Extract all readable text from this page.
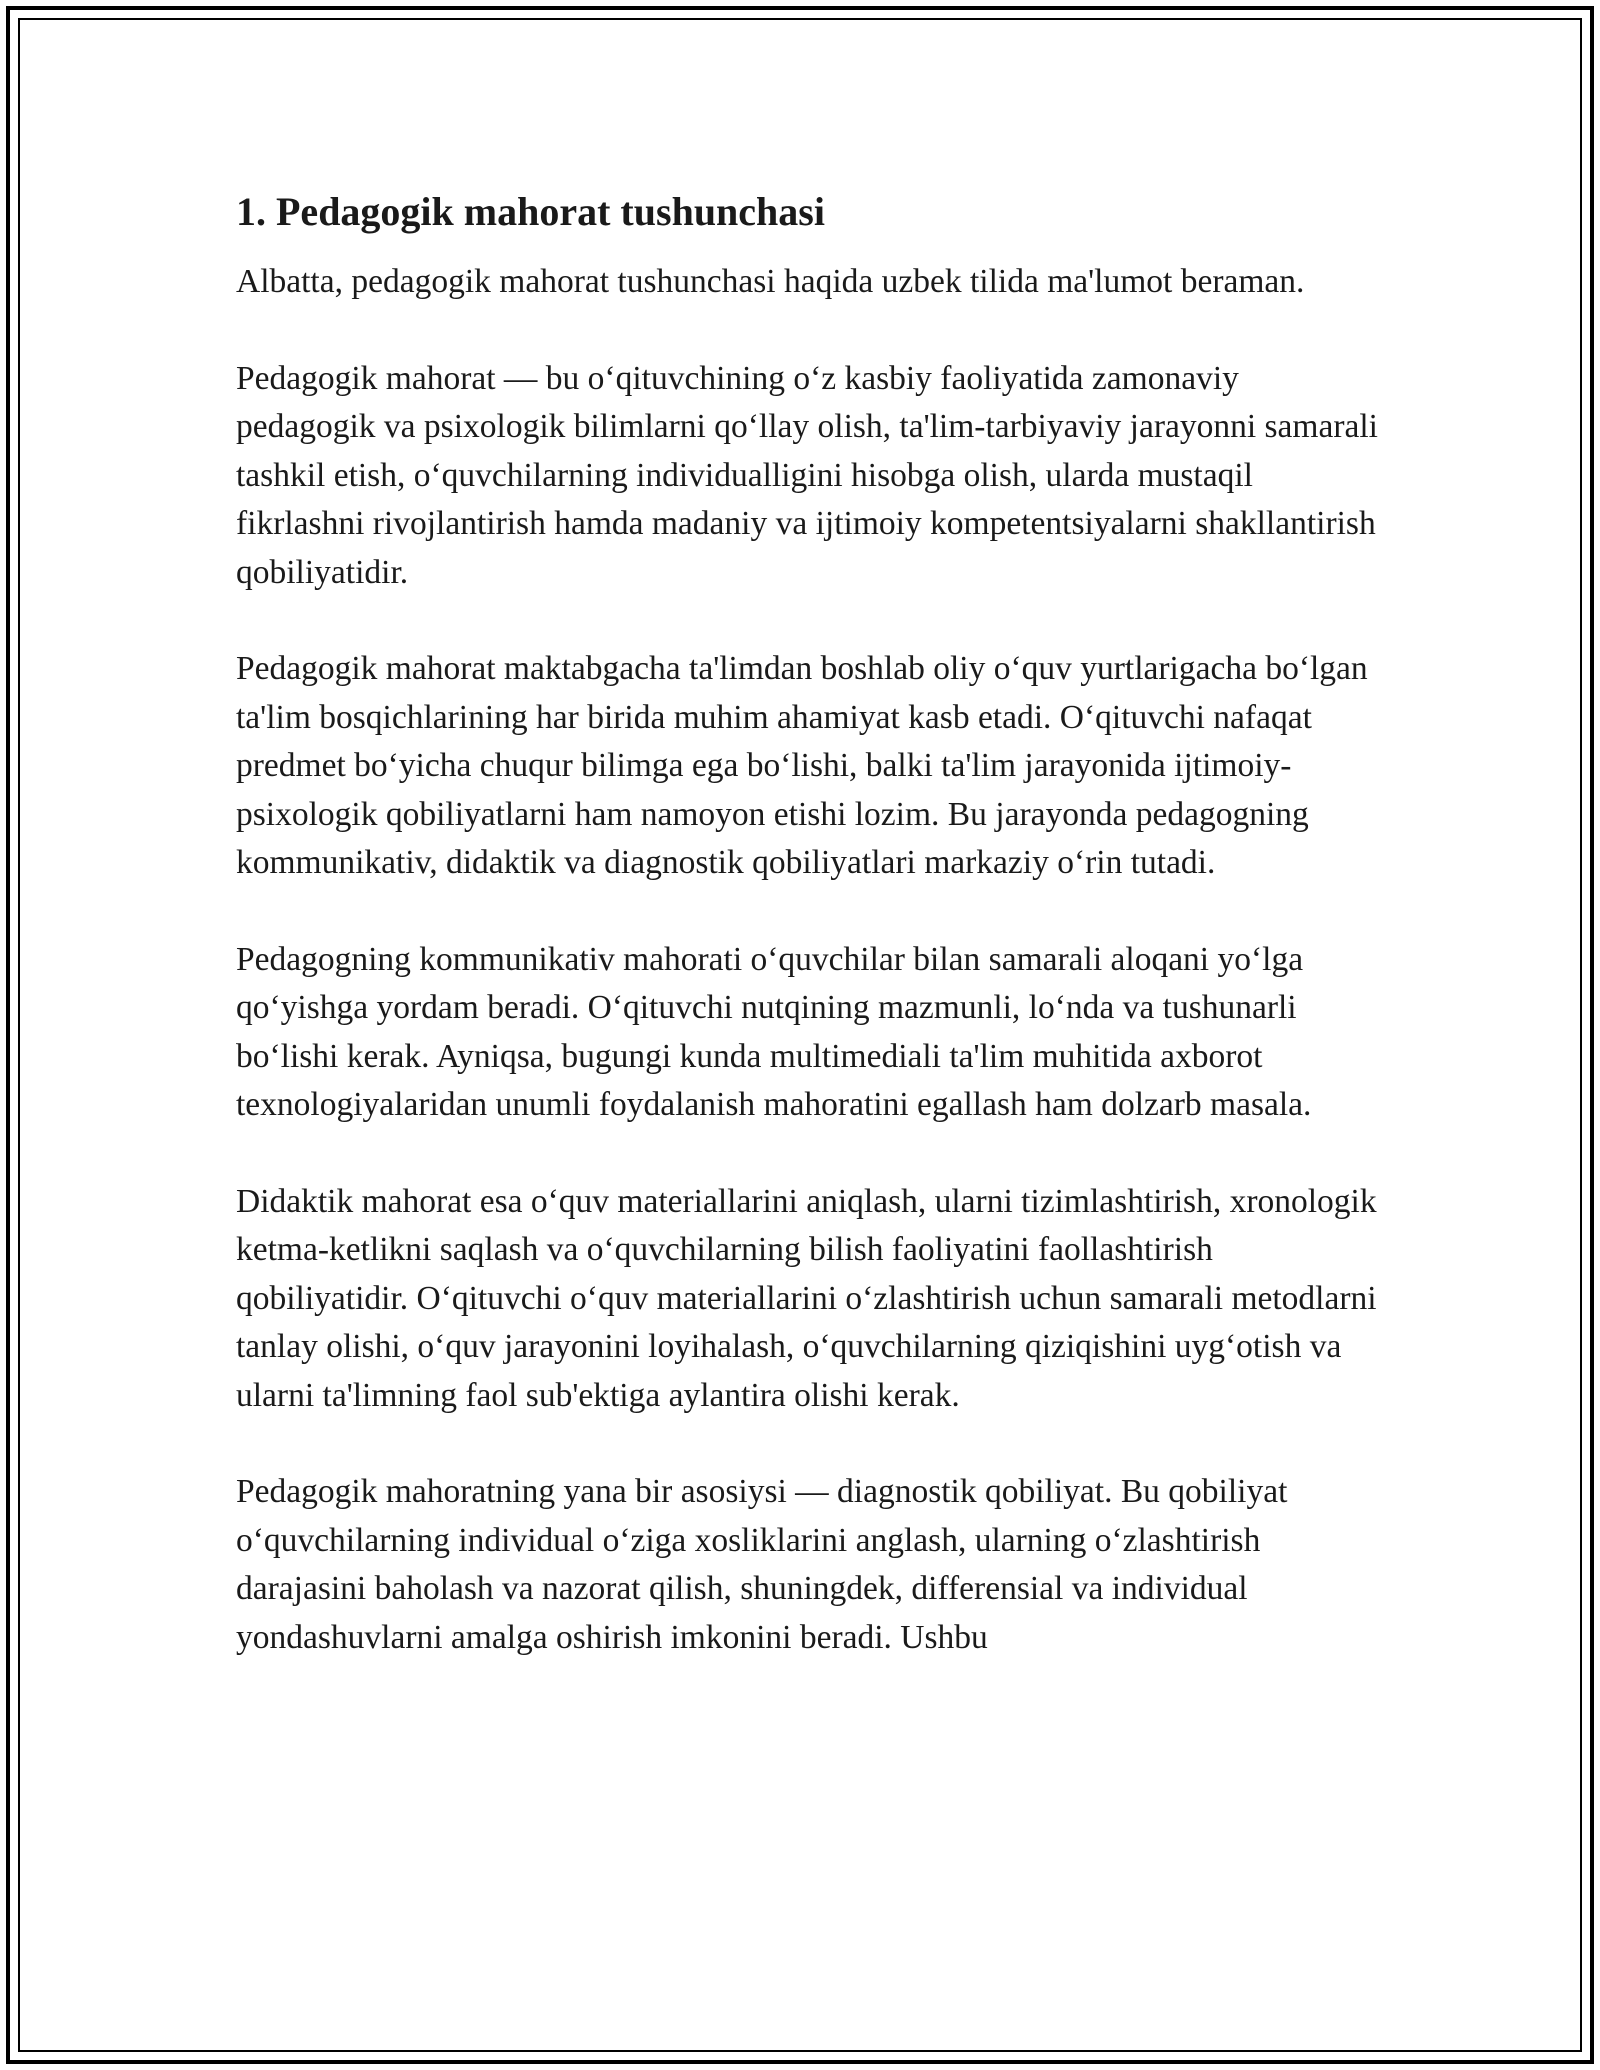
1. Pedagogik mahorat tushunchasi

Albatta, pedagogik mahorat tushunchasi haqida uzbek tilida ma'lumot beraman.

Pedagogik mahorat — bu o‘qituvchining o‘z kasbiy faoliyatida zamonaviy pedagogik va psixologik bilimlarni qo‘llay olish, ta'lim-tarbiyaviy jarayonni samarali tashkil etish, o‘quvchilarning individualligini hisobga olish, ularda mustaqil fikrlashni rivojlantirish hamda madaniy va ijtimoiy kompetentsiyalarni shakllantirish qobiliyatidir.

Pedagogik mahorat maktabgacha ta'limdan boshlab oliy o‘quv yurtlarigacha bo‘lgan ta'lim bosqichlarining har birida muhim ahamiyat kasb etadi. O‘qituvchi nafaqat predmet bo‘yicha chuqur bilimga ega bo‘lishi, balki ta'lim jarayonida ijtimoiy-psixologik qobiliyatlarni ham namoyon etishi lozim. Bu jarayonda pedagogning kommunikativ, didaktik va diagnostik qobiliyatlari markaziy o‘rin tutadi.

Pedagogning kommunikativ mahorati o‘quvchilar bilan samarali aloqani yo‘lga qo‘yishga yordam beradi. O‘qituvchi nutqining mazmunli, lo‘nda va tushunarli bo‘lishi kerak. Ayniqsa, bugungi kunda multimediali ta'lim muhitida axborot texnologiyalaridan unumli foydalanish mahoratini egallash ham dolzarb masala.

Didaktik mahorat esa o‘quv materiallarini aniqlash, ularni tizimlashtirish, xronologik ketma-ketlikni saqlash va o‘quvchilarning bilish faoliyatini faollashtirish qobiliyatidir. O‘qituvchi o‘quv materiallarini o‘zlashtirish uchun samarali metodlarni tanlay olishi, o‘quv jarayonini loyihalash, o‘quvchilarning qiziqishini uyg‘otish va ularni ta'limning faol sub'ektiga aylantira olishi kerak.

Pedagogik mahoratning yana bir asosiysi — diagnostik qobiliyat. Bu qobiliyat o‘quvchilarning individual o‘ziga xosliklarini anglash, ularning o‘zlashtirish darajasini baholash va nazorat qilish, shuningdek, differensial va individual yondashuvlarni amalga oshirish imkonini beradi. Ushbu
